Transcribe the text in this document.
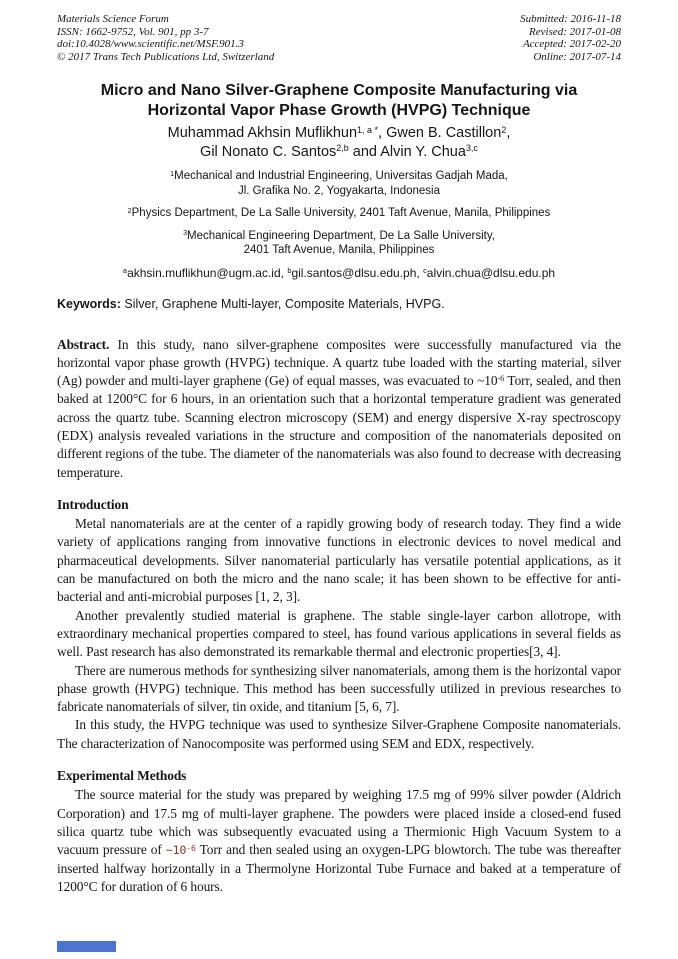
Materials Science Forum
ISSN: 1662-9752, Vol. 901, pp 3-7
doi:10.4028/www.scientific.net/MSF.901.3
© 2017 Trans Tech Publications Ltd, Switzerland
Submitted: 2016-11-18
Revised: 2017-01-08
Accepted: 2017-02-20
Online: 2017-07-14
Micro and Nano Silver-Graphene Composite Manufacturing via
Horizontal Vapor Phase Growth (HVPG) Technique
Muhammad Akhsin Muflikhun$^{1, a *}$, Gwen B. Castillon$^2$,
Gil Nonato C. Santos$^{2,b}$ and Alvin Y. Chua$^{3,c}$
$^1$Mechanical and Industrial Engineering, Universitas Gadjah Mada,
Jl. Grafika No. 2, Yogyakarta, Indonesia
$^2$Physics Department, De La Salle University, 2401 Taft Avenue, Manila, Philippines
$^3$Mechanical Engineering Department, De La Salle University,
2401 Taft Avenue, Manila, Philippines
$^a$akhsin.muflikhun@ugm.ac.id, $^b$gil.santos@dlsu.edu.ph, $^c$alvin.chua@dlsu.edu.ph
Keywords: Silver, Graphene Multi-layer, Composite Materials, HVPG.
Abstract. In this study, nano silver-graphene composites were successfully manufactured via the horizontal vapor phase growth (HVPG) technique. A quartz tube loaded with the starting material, silver (Ag) powder and multi-layer graphene (Ge) of equal masses, was evacuated to $\sim 10^{-6}$ Torr, sealed, and then baked at 1200°C for 6 hours, in an orientation such that a horizontal temperature gradient was generated across the quartz tube. Scanning electron microscopy (SEM) and energy dispersive X-ray spectroscopy (EDX) analysis revealed variations in the structure and composition of the nanomaterials deposited on different regions of the tube. The diameter of the nanomaterials was also found to decrease with decreasing temperature.
Introduction

Metal nanomaterials are at the center of a rapidly growing body of research today. They find a wide variety of applications ranging from innovative functions in electronic devices to novel medical and pharmaceutical developments. Silver nanomaterial particularly has versatile potential applications, as it can be manufactured on both the micro and the nano scale; it has been shown to be effective for anti-bacterial and anti-microbial purposes [1, 2, 3].

Another prevalently studied material is graphene. The stable single-layer carbon allotrope, with extraordinary mechanical properties compared to steel, has found various applications in several fields as well. Past research has also demonstrated its remarkable thermal and electronic properties[3, 4].

There are numerous methods for synthesizing silver nanomaterials, among them is the horizontal vapor phase growth (HVPG) technique. This method has been successfully utilized in previous researches to fabricate nanomaterials of silver, tin oxide, and titanium [5, 6, 7].

In this study, the HVPG technique was used to synthesize Silver-Graphene Composite nanomaterials. The characterization of Nanocomposite was performed using SEM and EDX, respectively.

Experimental Methods

The source material for the study was prepared by weighing 17.5 mg of 99% silver powder (Aldrich Corporation) and 17.5 mg of multi-layer graphene. The powders were placed inside a closed-end fused silica quartz tube which was subsequently evacuated using a Thermionic High Vacuum System to a vacuum pressure of $\sim 10^{-6}$ Torr and then sealed using an oxygen-LPG blowtorch. The tube was thereafter inserted halfway horizontally in a Thermolyne Horizontal Tube Furnace and baked at a temperature of 1200°C for duration of 6 hours.
